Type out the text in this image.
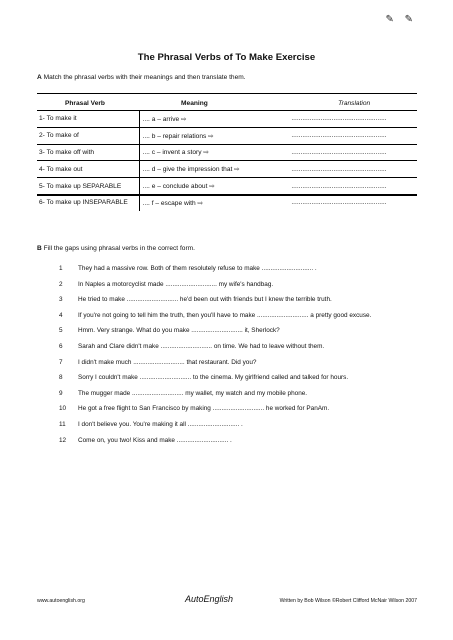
✎ ✎
The Phrasal Verbs of To Make Exercise
A Match the phrasal verbs with their meanings and then translate them.
Phrasal Verb	Meaning	Translation
1- To make it	.... a – arrive ⇨	....................................................
2- To make of	.... b – repair relations ⇨	....................................................
3- To make off with	.... c – invent a story ⇨	....................................................
4- To make out	.... d – give the impression that ⇨	....................................................
5- To make up SEPARABLE	.... e – conclude about ⇨	....................................................
6- To make up INSEPARABLE	.... f – escape with ⇨	....................................................
B Fill the gaps using phrasal verbs in the correct form.
1	They had a massive row. Both of them resolutely refuse to make ............................. .
2	In Naples a motorcyclist made ............................. my wife's handbag.
3	He tried to make ............................. he'd been out with friends but I knew the terrible truth.
4	If you're not going to tell him the truth, then you'll have to make ............................. a pretty good excuse.
5	Hmm. Very strange. What do you make ............................. it, Sherlock?
6	Sarah and Clare didn't make ............................. on time. We had to leave without them.
7	I didn't make much ............................. that restaurant. Did you?
8	Sorry I couldn't make ............................. to the cinema. My girlfriend called and talked for hours.
9	The mugger made ............................. my wallet, my watch and my mobile phone.
10	He got a free flight to San Francisco by making ............................. he worked for PanAm.
11	I don't believe you. You're making it all ............................. .
12	Come on, you two! Kiss and make ............................. .
www.autoenglish.org	AutoEnglish	Written by Bob Wilson ©Robert Clifford McNair Wilson 2007
